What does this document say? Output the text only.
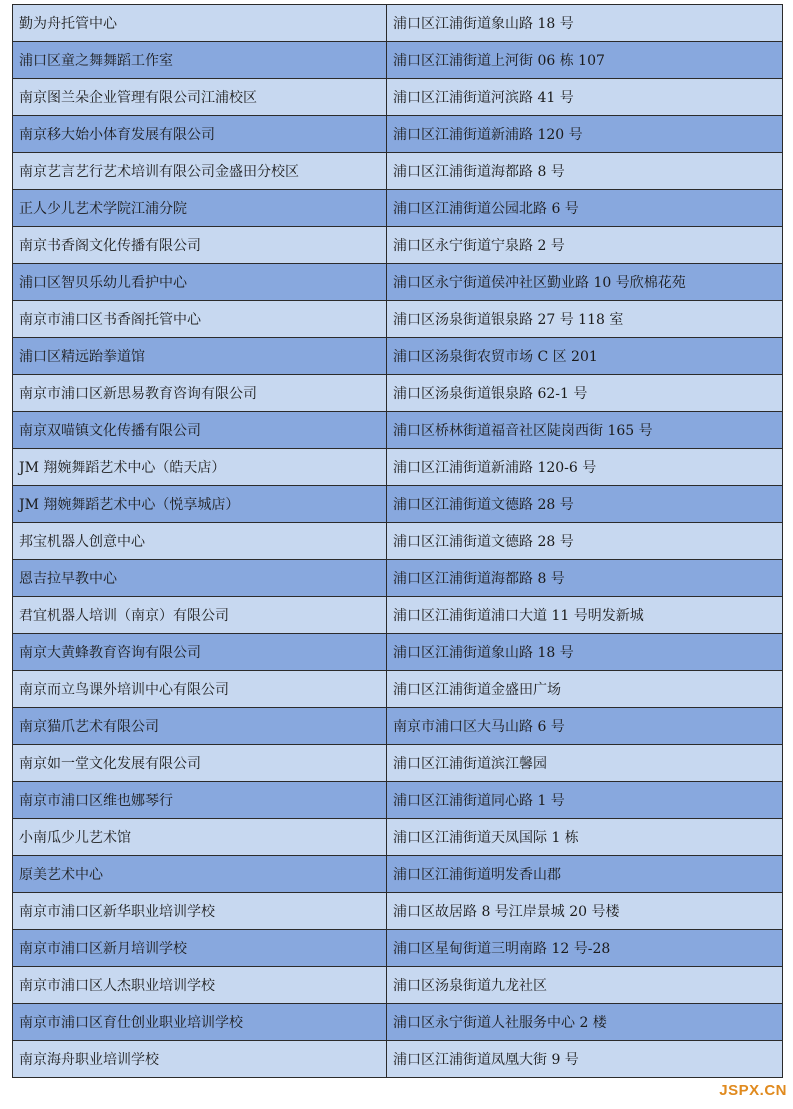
勤为舟托管中心	浦口区江浦街道象山路 18 号
浦口区童之舞舞蹈工作室	浦口区江浦街道上河街 06 栋 107
南京图兰朵企业管理有限公司江浦校区	浦口区江浦街道河滨路 41 号
南京移大始小体育发展有限公司	浦口区江浦街道新浦路 120 号
南京艺言艺行艺术培训有限公司金盛田分校区	浦口区江浦街道海都路 8 号
正人少儿艺术学院江浦分院	浦口区江浦街道公园北路 6 号
南京书香阁文化传播有限公司	浦口区永宁街道宁泉路 2 号
浦口区智贝乐幼儿看护中心	浦口区永宁街道侯冲社区勤业路 10 号欣棉花苑
南京市浦口区书香阁托管中心	浦口区汤泉街道银泉路 27 号 118 室
浦口区精远跆拳道馆	浦口区汤泉街农贸市场 C 区 201
南京市浦口区新思易教育咨询有限公司	浦口区汤泉街道银泉路 62-1 号
南京双喵镇文化传播有限公司	浦口区桥林街道福音社区陡岗西街 165 号
JM 翔婉舞蹈艺术中心（皓天店）	浦口区江浦街道新浦路 120-6 号
JM 翔婉舞蹈艺术中心（悦享城店）	浦口区江浦街道文德路 28 号
邦宝机器人创意中心	浦口区江浦街道文德路 28 号
恩吉拉早教中心	浦口区江浦街道海都路 8 号
君宜机器人培训（南京）有限公司	浦口区江浦街道浦口大道 11 号明发新城
南京大黄蜂教育咨询有限公司	浦口区江浦街道象山路 18 号
南京而立鸟课外培训中心有限公司	浦口区江浦街道金盛田广场
南京猫爪艺术有限公司	南京市浦口区大马山路 6 号
南京如一堂文化发展有限公司	浦口区江浦街道滨江馨园
南京市浦口区维也娜琴行	浦口区江浦街道同心路 1 号
小南瓜少儿艺术馆	浦口区江浦街道天凤国际 1 栋
原美艺术中心	浦口区江浦街道明发香山郡
南京市浦口区新华职业培训学校	浦口区故居路 8 号江岸景城 20 号楼
南京市浦口区新月培训学校	浦口区星甸街道三明南路 12 号-28
南京市浦口区人杰职业培训学校	浦口区汤泉街道九龙社区
南京市浦口区育仕创业职业培训学校	浦口区永宁街道人社服务中心 2 楼
南京海舟职业培训学校	浦口区江浦街道凤凰大街 9 号
JSPX.CN
